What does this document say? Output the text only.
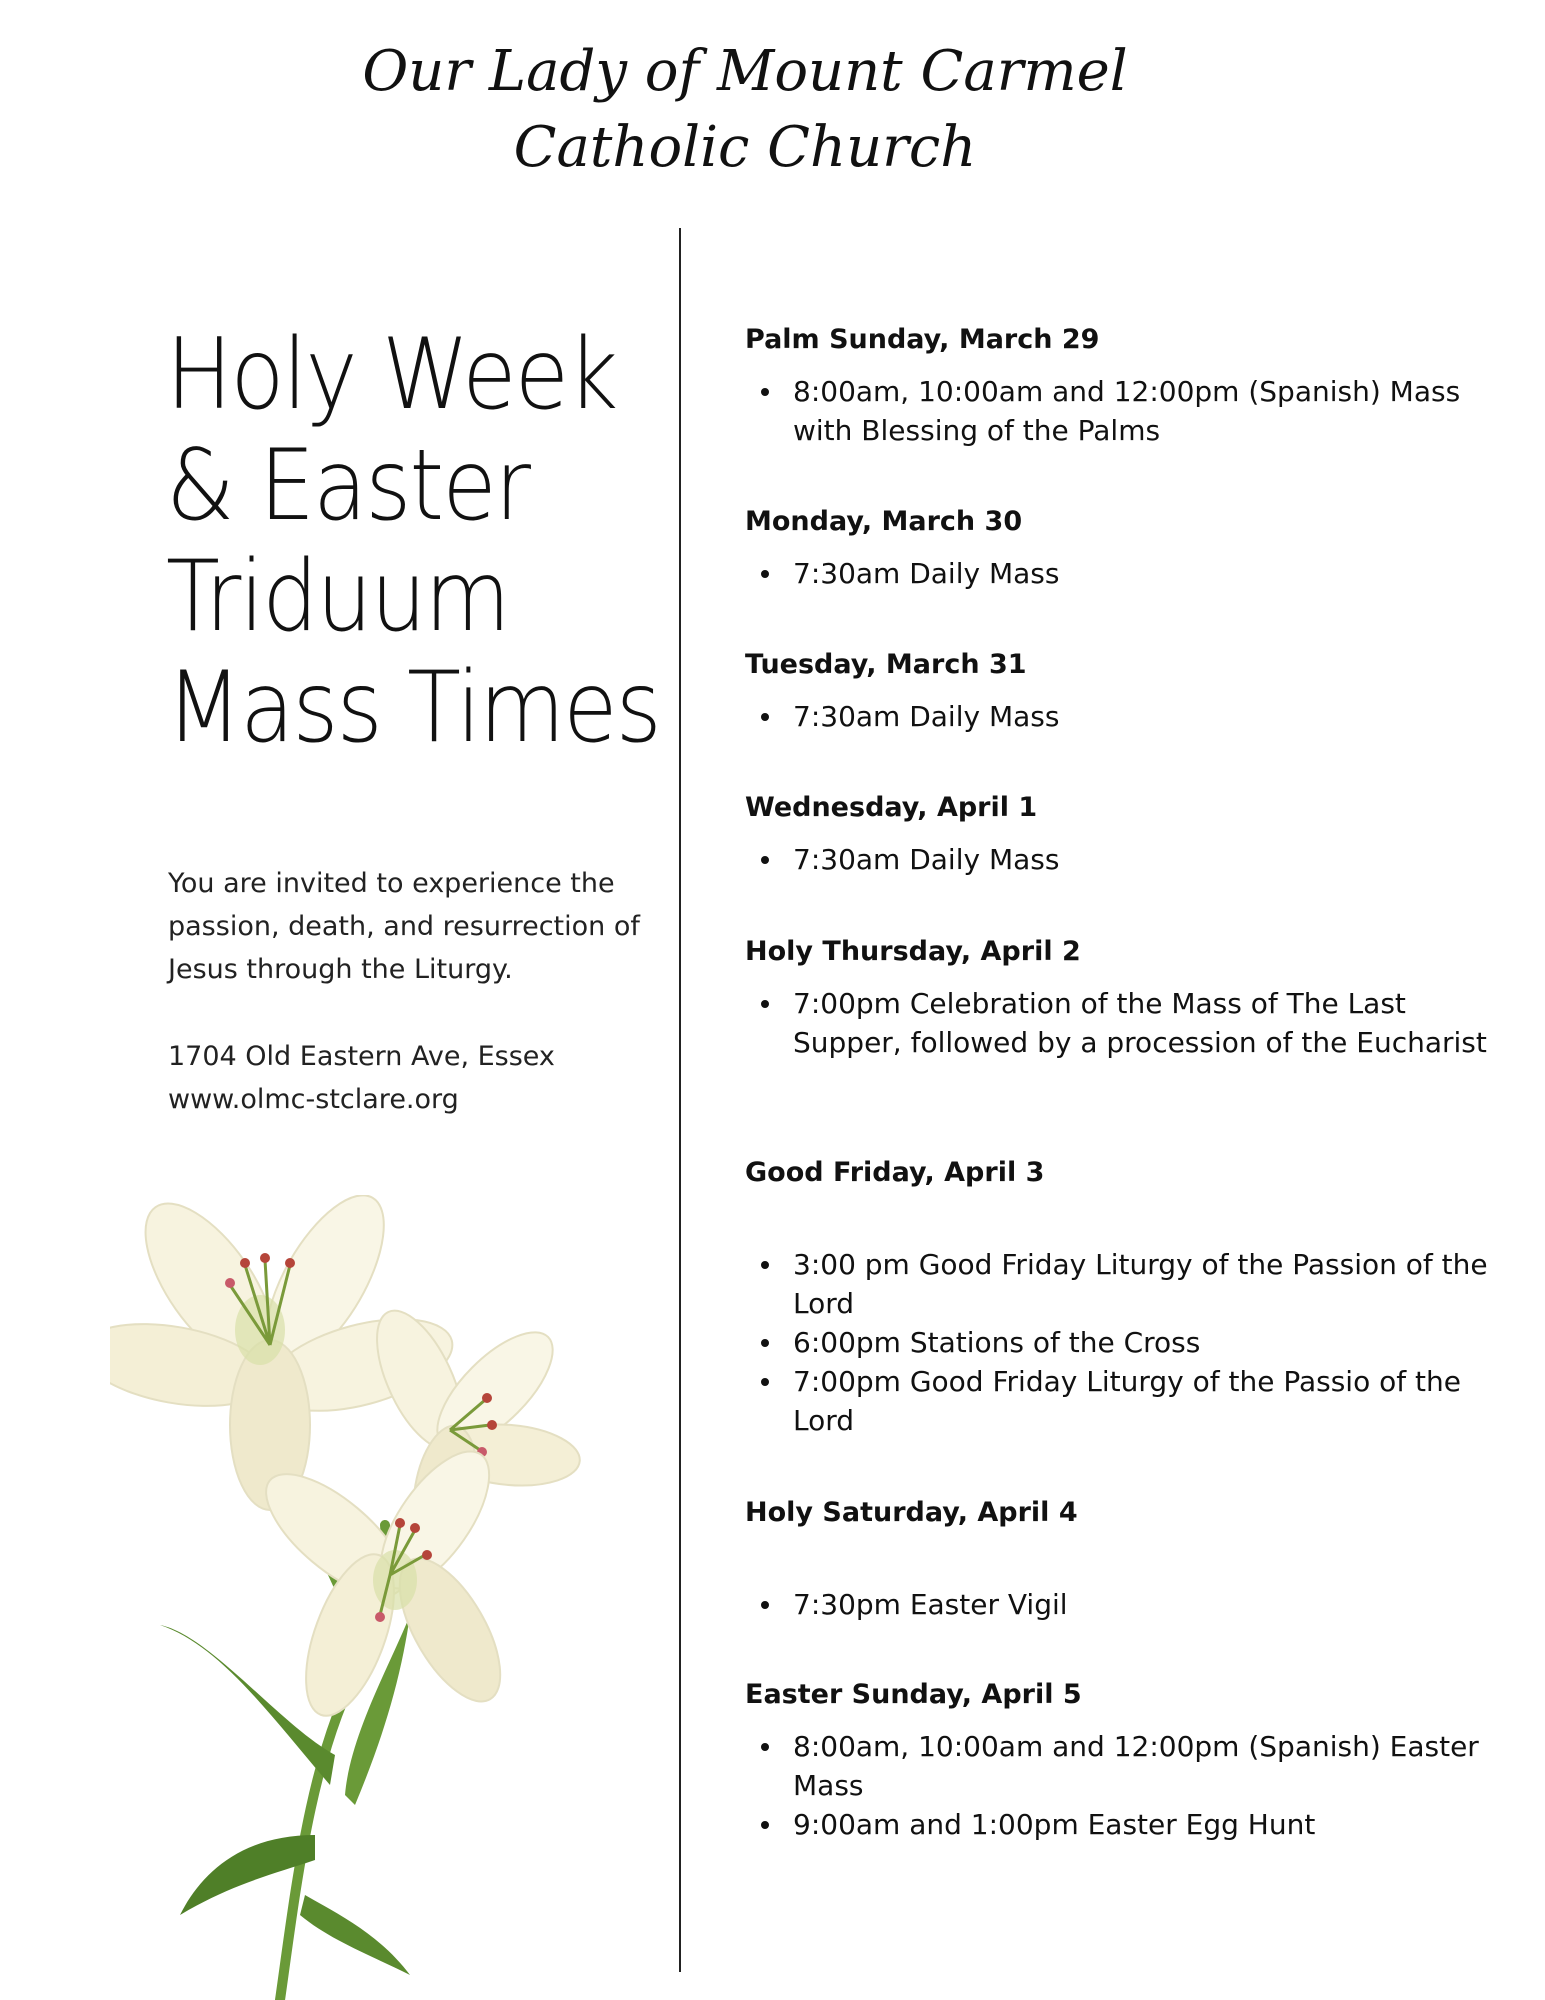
Our Lady of Mount Carmel
Catholic Church
Holy Week
& Easter
Triduum
Mass Times

You are invited to experience the passion, death, and resurrection of Jesus through the Liturgy.

1704 Old Eastern Ave, Essex
www.olmc-stclare.org

Palm Sunday, March 29
8:00am, 10:00am and 12:00pm (Spanish) Mass with Blessing of the Palms
Monday, March 30
7:30am Daily Mass
Tuesday, March 31
7:30am Daily Mass
Wednesday, April 1
7:30am Daily Mass
Holy Thursday, April 2
7:00pm Celebration of the Mass of The Last Supper, followed by a procession of the Eucharist
Good Friday, April 3
3:00 pm Good Friday Liturgy of the Passion of the Lord
6:00pm Stations of the Cross
7:00pm Good Friday Liturgy of the Passio of the Lord
Holy Saturday, April 4
7:30pm Easter Vigil
Easter Sunday, April 5
8:00am, 10:00am and 12:00pm (Spanish) Easter Mass
9:00am and 1:00pm Easter Egg Hunt
